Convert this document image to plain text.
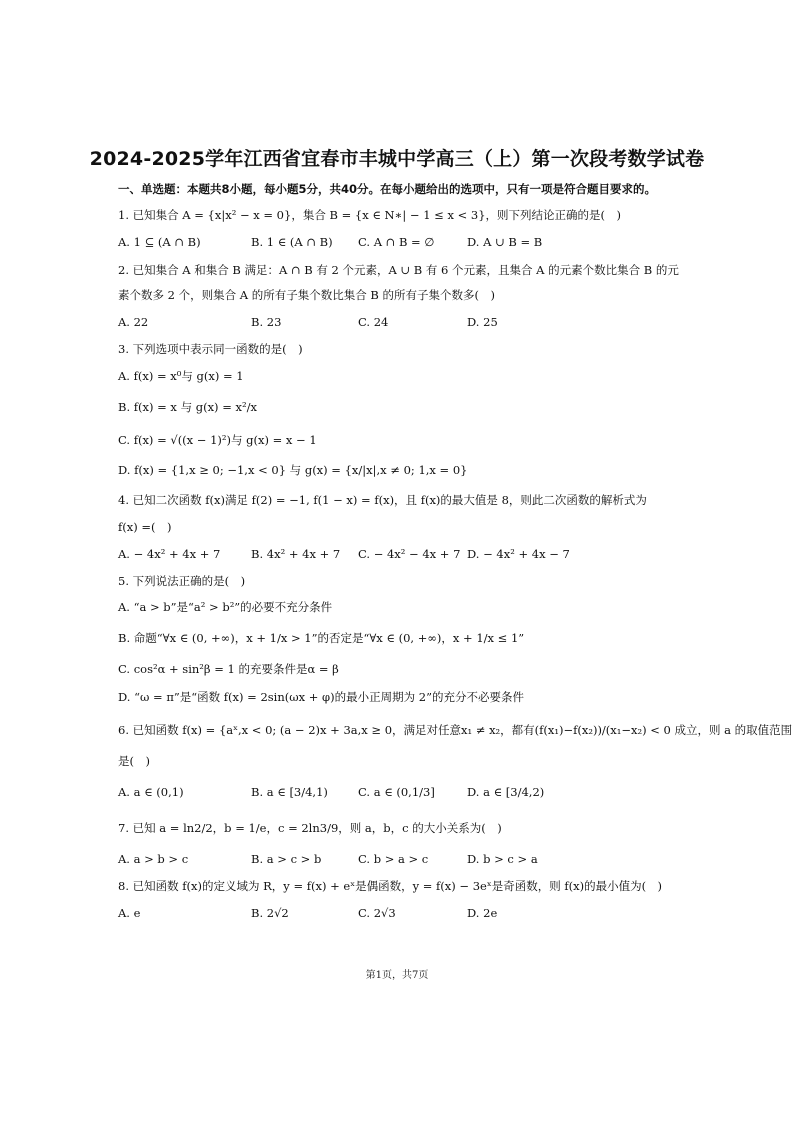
2024-2025学年江西省宜春市丰城中学高三（上）第一次段考数学试卷
一、单选题：本题共8小题，每小题5分，共40分。在每小题给出的选项中，只有一项是符合题目要求的。
1. 已知集合 A = {x|x² − x = 0}，集合 B = {x ∈ N∗| − 1 ≤ x < 3}，则下列结论正确的是(　)
A. 1 ⊆ (A ∩ B)	B. 1 ∈ (A ∩ B) C. A ∩ B = ∅	D. A ∪ B = B
2. 已知集合 A 和集合 B 满足：A ∩ B 有 2 个元素，A ∪ B 有 6 个元素，且集合 A 的元素个数比集合 B 的元
素个数多 2 个，则集合 A 的所有子集个数比集合 B 的所有子集个数多(　)
A. 22	B. 23	C. 24	D. 25
3. 下列选项中表示同一函数的是(　)
A. f(x) = x⁰与 g(x) = 1
B. f(x) = x 与 g(x) = x²/x
C. f(x) = √((x − 1)²)与 g(x) = x − 1
D. f(x) = {1,x ≥ 0; −1,x < 0} 与 g(x) = {x/|x|,x ≠ 0; 1,x = 0}
4. 已知二次函数 f(x)满足 f(2) = −1, f(1 − x) = f(x)，且 f(x)的最大值是 8，则此二次函数的解析式为
f(x) =(　)
A. − 4x² + 4x + 7	B. 4x² + 4x + 7 C. − 4x² − 4x + 7 D. − 4x² + 4x − 7
5. 下列说法正确的是(　)
A. “a > b”是“a² > b²”的必要不充分条件
B. 命题“∀x ∈ (0, +∞)，x + 1/x > 1”的否定是“∀x ∈ (0, +∞)，x + 1/x ≤ 1”
C. cos²α + sin²β = 1 的充要条件是α = β
D. “ω = π”是“函数 f(x) = 2sin(ωx + φ)的最小正周期为 2”的充分不必要条件
6. 已知函数 f(x) = {aˣ,x < 0; (a − 2)x + 3a,x ≥ 0，满足对任意x₁ ≠ x₂，都有(f(x₁)−f(x₂))/(x₁−x₂) < 0 成立，则 a 的取值范围
是(　)
A. a ∈ (0,1)	B. a ∈ [3/4,1)	C. a ∈ (0,1/3]	D. a ∈ [3/4,2)
7. 已知 a = ln2/2，b = 1/e，c = 2ln3/9，则 a，b，c 的大小关系为(　)
A. a > b > c	B. a > c > b	C. b > a > c	D. b > c > a
8. 已知函数 f(x)的定义域为 R，y = f(x) + eˣ是偶函数，y = f(x) − 3eˣ是奇函数，则 f(x)的最小值为(　)
A. e	B. 2√2	C. 2√3	D. 2e
第1页，共7页
